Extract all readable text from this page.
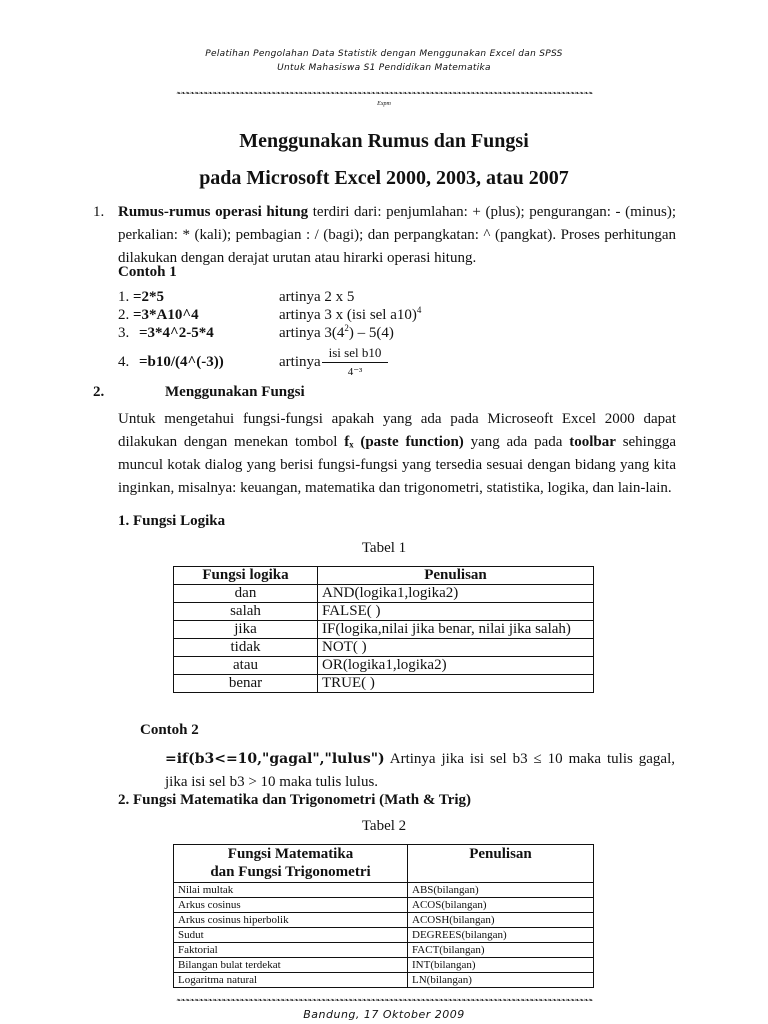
Pelatihan Pengolahan Data Statistik dengan Menggunakan Excel dan SPSS
Untuk Mahasiswa S1 Pendidikan Matematika
❧❧❧❧❧❧❧❧❧❧❧❧❧❧❧❧❧❧❧❧❧❧❧❧❧❧❧❧❧❧❧❧❧❧❧❧❧❧❧❧❧❧❧❧❧❧❧❧❧❧❧❧❧❧❧❧❧❧❧❧❧❧❧❧❧❧❧❧❧❧❧❧❧❧❧❧❧❧❧❧❧❧❧❧❧❧❧❧❧❧❧❧
Expm
Menggunakan Rumus dan Fungsi
pada Microsoft Excel 2000, 2003, atau 2007
1. Rumus-rumus operasi hitung terdiri dari: penjumlahan: + (plus); pengurangan: - (minus); perkalian: * (kali); pembagian : / (bagi); dan perpangkatan: ^ (pangkat). Proses perhitungan dilakukan dengan derajat urutan atau hirarki operasi hitung.
Contoh 1
1. =2*5	artinya 2 x 5
2. =3*A10^4	artinya 3 x (isi sel a10)$^4$
3. =3*4^2-5*4	artinya $3(4^2) - 5(4)$
4. =b10/(4^(-3))	artinya
isi sel b10
4⁻³
2.	Menggunakan Fungsi
Untuk mengetahui fungsi-fungsi apakah yang ada pada Microseoft Excel 2000 dapat dilakukan dengan menekan tombol fₓ (paste function) yang ada pada toolbar sehingga muncul kotak dialog yang berisi fungsi-fungsi yang tersedia sesuai dengan bidang yang kita inginkan, misalnya: keuangan, matematika dan trigonometri, statistika, logika, dan lain-lain.
1. Fungsi Logika
Tabel 1
Fungsi logika	Penulisan
dan	AND(logika1,logika2)
salah	FALSE( )
jika	IF(logika,nilai jika benar, nilai jika salah)
tidak	NOT( )
atau	OR(logika1,logika2)
benar	TRUE( )
Contoh 2
=if(b3<=10,"gagal","lulus") Artinya jika isi sel b3 ≤ 10 maka tulis gagal, jika isi sel b3 > 10 maka tulis lulus.
2. Fungsi Matematika dan Trigonometri (Math & Trig)
Tabel 2
Fungsi Matematika
dan Fungsi Trigonometri	Penulisan
Nilai multak	ABS(bilangan)
Arkus cosinus	ACOS(bilangan)
Arkus cosinus hiperbolik	ACOSH(bilangan)
Sudut	DEGREES(bilangan)
Faktorial	FACT(bilangan)
Bilangan bulat terdekat	INT(bilangan)
Logaritma natural	LN(bilangan)
❧❧❧❧❧❧❧❧❧❧❧❧❧❧❧❧❧❧❧❧❧❧❧❧❧❧❧❧❧❧❧❧❧❧❧❧❧❧❧❧❧❧❧❧❧❧❧❧❧❧❧❧❧❧❧❧❧❧❧❧❧❧❧❧❧❧❧❧❧❧❧❧❧❧❧❧❧❧❧❧❧❧❧❧❧❧❧❧❧❧❧❧
Bandung, 17 Oktober 2009
